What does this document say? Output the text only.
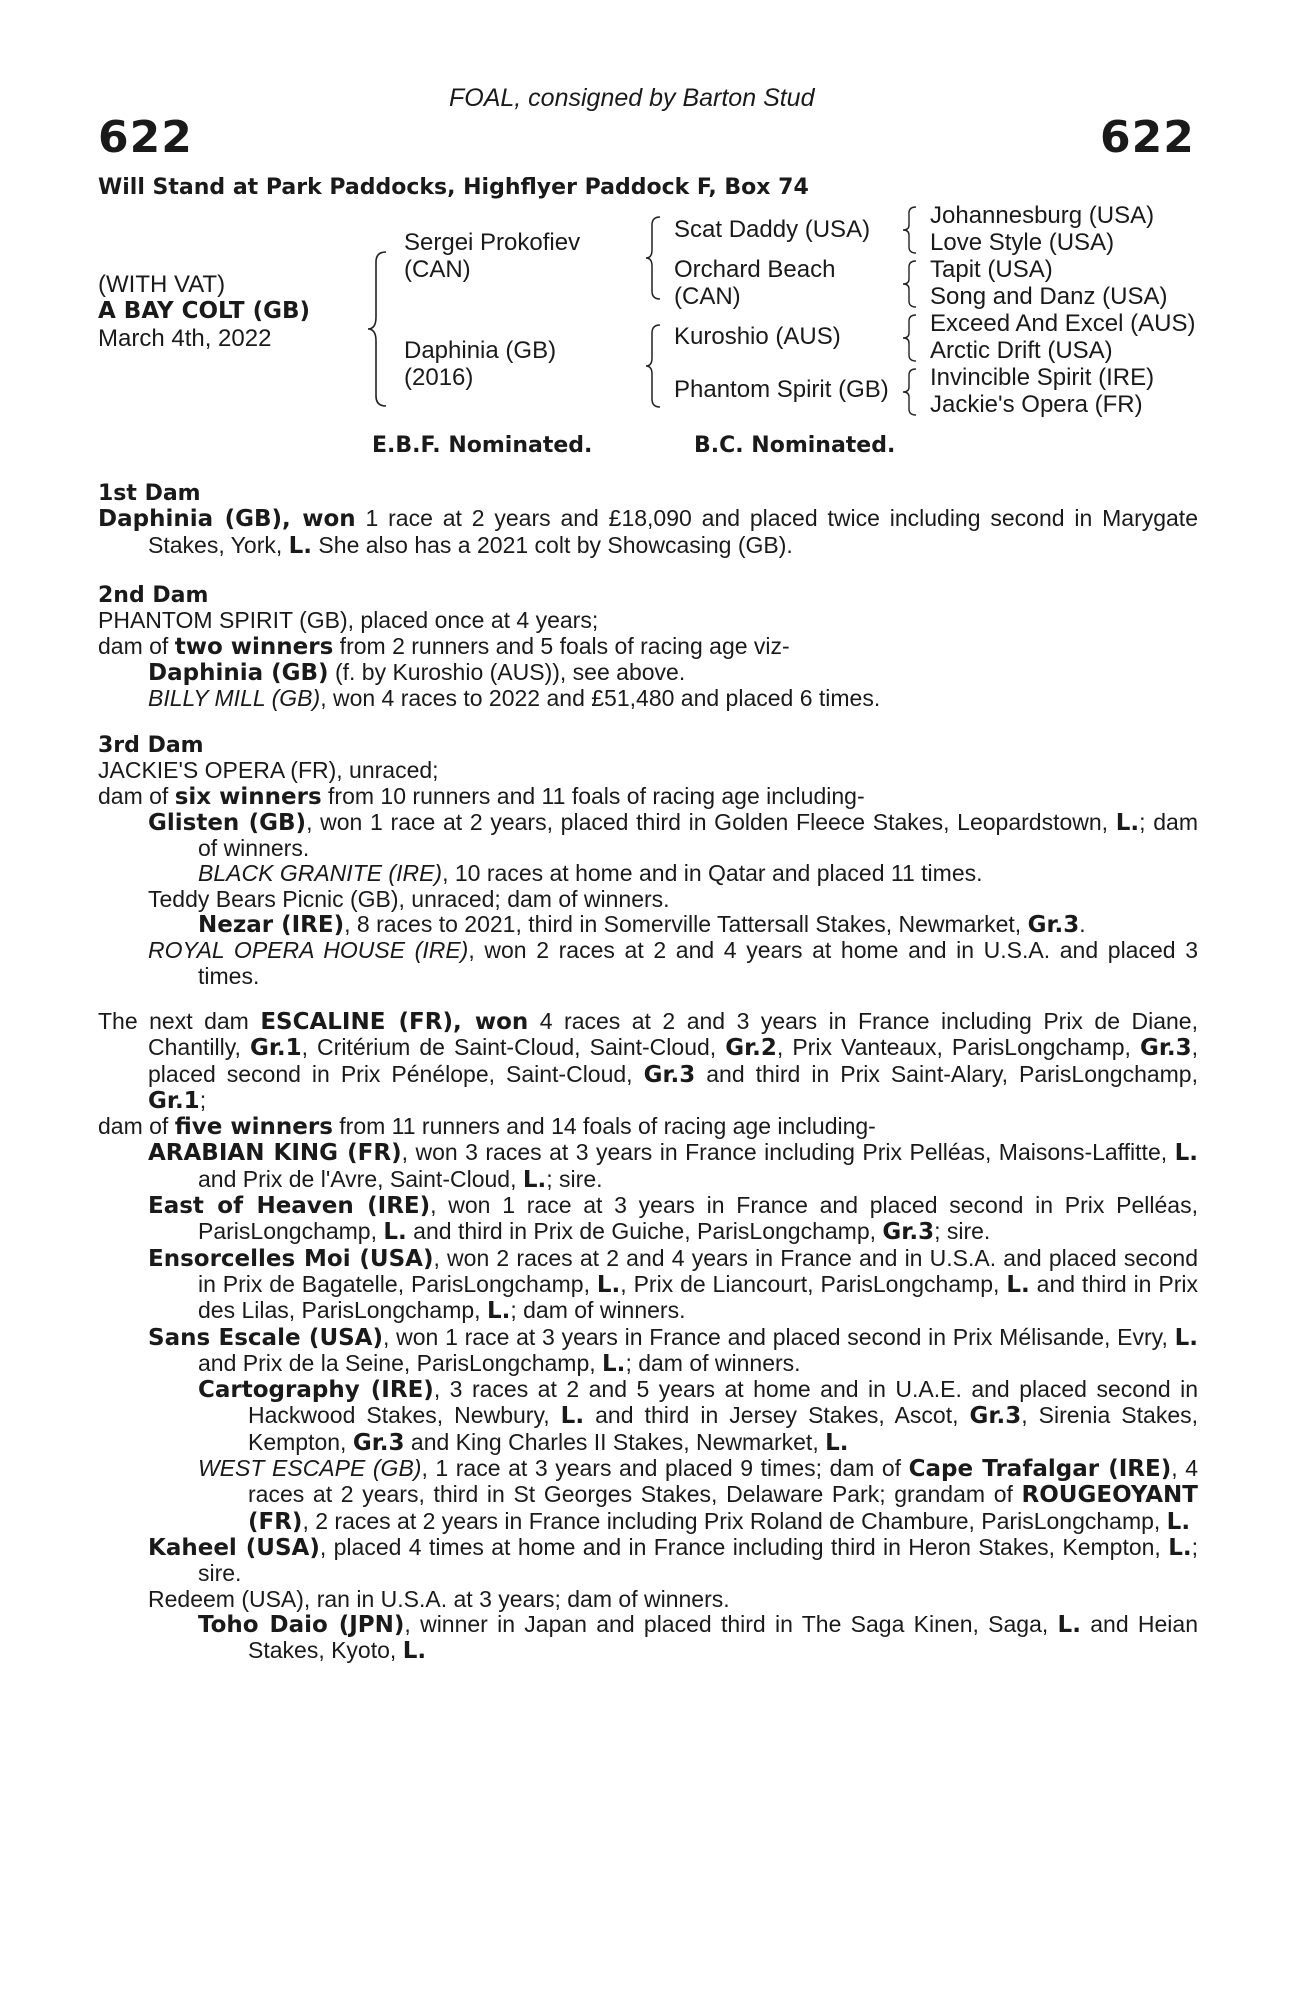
FOAL, consigned by Barton Stud
622	622
Will Stand at Park Paddocks, Highflyer Paddock F, Box 74
(WITH VAT)
A BAY COLT (GB)
March 4th, 2022
Sergei Prokofiev (CAN)
Daphinia (GB) (2016)
Scat Daddy (USA)
Orchard Beach (CAN)
Kuroshio (AUS)
Phantom Spirit (GB)
Johannesburg (USA)
Love Style (USA)
Tapit (USA)
Song and Danz (USA)
Exceed And Excel (AUS)
Arctic Drift (USA)
Invincible Spirit (IRE)
Jackie's Opera (FR)
E.B.F. Nominated.	B.C. Nominated.
1st Dam

Daphinia (GB), won 1 race at 2 years and £18,090 and placed twice including second in Marygate Stakes, York, L. She also has a 2021 colt by Showcasing (GB).

2nd Dam

PHANTOM SPIRIT (GB), placed once at 4 years;

dam of two winners from 2 runners and 5 foals of racing age viz-

Daphinia (GB) (f. by Kuroshio (AUS)), see above.

BILLY MILL (GB), won 4 races to 2022 and £51,480 and placed 6 times.

3rd Dam

JACKIE'S OPERA (FR), unraced;

dam of six winners from 10 runners and 11 foals of racing age including-

Glisten (GB), won 1 race at 2 years, placed third in Golden Fleece Stakes, Leopardstown, L.; dam of winners.

BLACK GRANITE (IRE), 10 races at home and in Qatar and placed 11 times.

Teddy Bears Picnic (GB), unraced; dam of winners.

Nezar (IRE), 8 races to 2021, third in Somerville Tattersall Stakes, Newmarket, Gr.3.

ROYAL OPERA HOUSE (IRE), won 2 races at 2 and 4 years at home and in U.S.A. and placed 3 times.

The next dam ESCALINE (FR), won 4 races at 2 and 3 years in France including Prix de Diane, Chantilly, Gr.1, Critérium de Saint-Cloud, Saint-Cloud, Gr.2, Prix Vanteaux, ParisLongchamp, Gr.3, placed second in Prix Pénélope, Saint-Cloud, Gr.3 and third in Prix Saint-Alary, ParisLongchamp, Gr.1;

dam of five winners from 11 runners and 14 foals of racing age including-

ARABIAN KING (FR), won 3 races at 3 years in France including Prix Pelléas, Maisons-Laffitte, L. and Prix de l'Avre, Saint-Cloud, L.; sire.

East of Heaven (IRE), won 1 race at 3 years in France and placed second in Prix Pelléas, ParisLongchamp, L. and third in Prix de Guiche, ParisLongchamp, Gr.3; sire.

Ensorcelles Moi (USA), won 2 races at 2 and 4 years in France and in U.S.A. and placed second in Prix de Bagatelle, ParisLongchamp, L., Prix de Liancourt, ParisLongchamp, L. and third in Prix des Lilas, ParisLongchamp, L.; dam of winners.

Sans Escale (USA), won 1 race at 3 years in France and placed second in Prix Mélisande, Evry, L. and Prix de la Seine, ParisLongchamp, L.; dam of winners.

Cartography (IRE), 3 races at 2 and 5 years at home and in U.A.E. and placed second in Hackwood Stakes, Newbury, L. and third in Jersey Stakes, Ascot, Gr.3, Sirenia Stakes, Kempton, Gr.3 and King Charles II Stakes, Newmarket, L.

WEST ESCAPE (GB), 1 race at 3 years and placed 9 times; dam of Cape Trafalgar (IRE), 4 races at 2 years, third in St Georges Stakes, Delaware Park; grandam of ROUGEOYANT (FR), 2 races at 2 years in France including Prix Roland de Chambure, ParisLongchamp, L.

Kaheel (USA), placed 4 times at home and in France including third in Heron Stakes, Kempton, L.; sire.

Redeem (USA), ran in U.S.A. at 3 years; dam of winners.

Toho Daio (JPN), winner in Japan and placed third in The Saga Kinen, Saga, L. and Heian Stakes, Kyoto, L.
